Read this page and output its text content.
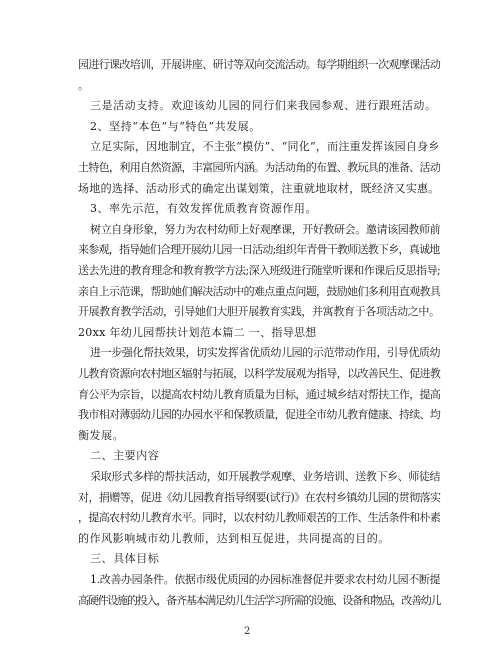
园进行课改培训，开展讲座、研讨等双向交流活动。每学期组织一次观摩课活动
。
三是活动支持。欢迎该幼儿园的同行们来我园参观、进行跟班活动。
2、坚持“本色”与“特色”共发展。
立足实际，因地制宜，不主张“模仿”、“同化”，而注重发挥该园自身乡
土特色，利用自然资源，丰富园所内涵。为活动角的布置、教玩具的准备、活动
场地的选择、活动形式的确定出谋划策，注重就地取材，既经济又实惠。
3、率先示范，有效发挥优质教育资源作用。
树立自身形象，努力为农村幼师上好观摩课，开好教研会。邀请该园教师前
来参观，指导她们合理开展幼儿园一日活动;组织年青骨干教师送教下乡，真诚地
送去先进的教育理念和教育教学方法;深入班级进行随堂听课和作课后反思指导;
亲自上示范课，帮助她们解决活动中的难点重点问题，鼓励她们多利用直观教具
开展教育教学活动，引导她们大胆开展教育实践，并寓教育于各项活动之中。
20xx 年幼儿园帮扶计划范本篇二 一、指导思想
进一步强化帮扶效果，切实发挥省优质幼儿园的示范带动作用，引导优质幼
儿教育资源向农村地区辐射与拓展，以科学发展观为指导，以改善民生、促进教
育公平为宗旨，以提高农村幼儿教育质量为目标，通过城乡结对帮扶工作，提高
我市相对薄弱幼儿园的办园水平和保教质量，促进全市幼儿教育健康、持续、均
衡发展。
二、主要内容
采取形式多样的帮扶活动，如开展教学观摩、业务培训、送教下乡、师徒结
对，捐赠等，促进《幼儿园教育指导纲要(试行)》在农村乡镇幼儿园的贯彻落实
，提高农村幼儿教育水平。同时，以农村幼儿教师艰苦的工作、生活条件和朴素
的作风影响城市幼儿教师，达到相互促进，共同提高的目的。
三、具体目标
1.改善办园条件。依据市级优质园的办园标准督促并要求农村幼儿园不断提
高硬件设施的投入，备齐基本满足幼儿生活学习所需的设施、设备和物品，改善幼儿
2
